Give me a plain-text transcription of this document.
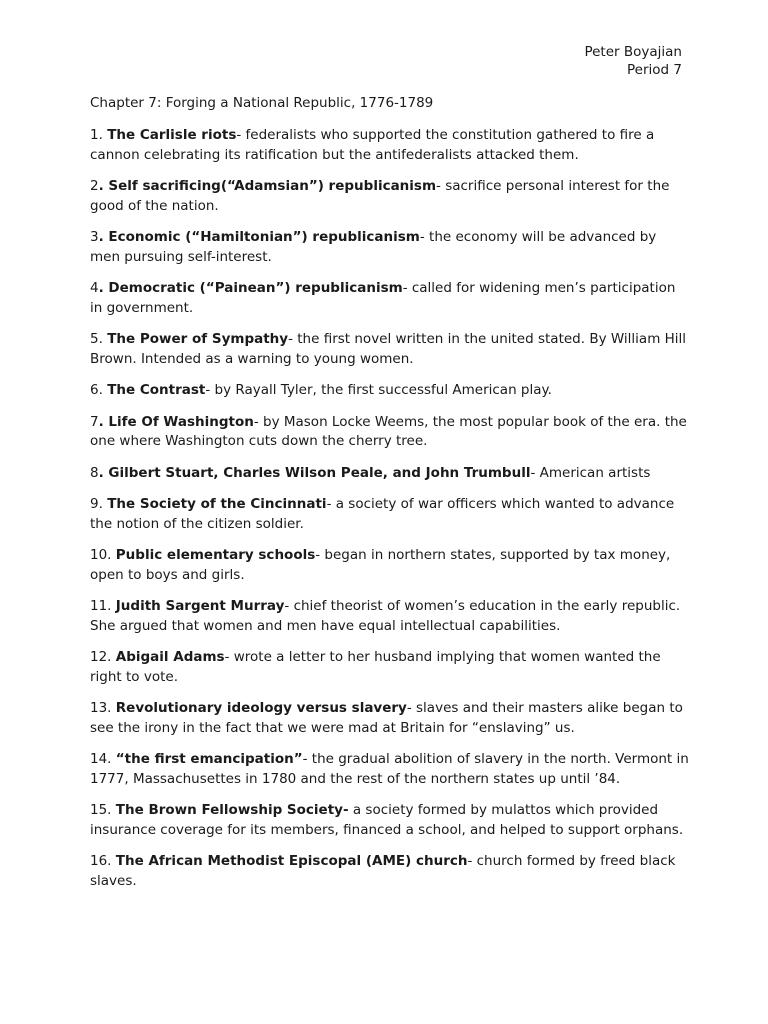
Peter Boyajian
Period 7
Chapter 7: Forging a National Republic, 1776-1789

1. The Carlisle riots- federalists who supported the constitution gathered to fire a cannon celebrating its ratification but the antifederalists attacked them.

2. Self sacrificing(“Adamsian”) republicanism- sacrifice personal interest for the good of the nation.

3. Economic (“Hamiltonian”) republicanism- the economy will be advanced by men pursuing self-interest.

4. Democratic (“Painean”) republicanism- called for widening men’s participation in government.

5. The Power of Sympathy- the first novel written in the united stated. By William Hill Brown. Intended as a warning to young women.

6. The Contrast- by Rayall Tyler, the first successful American play.

7. Life Of Washington- by Mason Locke Weems, the most popular book of the era. the one where Washington cuts down the cherry tree.

8. Gilbert Stuart, Charles Wilson Peale, and John Trumbull- American artists

9. The Society of the Cincinnati- a society of war officers which wanted to advance the notion of the citizen soldier.

10. Public elementary schools- began in northern states, supported by tax money, open to boys and girls.

11. Judith Sargent Murray- chief theorist of women’s education in the early republic. She argued that women and men have equal intellectual capabilities.

12. Abigail Adams- wrote a letter to her husband implying that women wanted the right to vote.

13. Revolutionary ideology versus slavery- slaves and their masters alike began to see the irony in the fact that we were mad at Britain for “enslaving” us.

14. “the first emancipation”- the gradual abolition of slavery in the north. Vermont in 1777, Massachusettes in 1780 and the rest of the northern states up until ’84.

15. The Brown Fellowship Society- a society formed by mulattos which provided insurance coverage for its members, financed a school, and helped to support orphans.

16. The African Methodist Episcopal (AME) church- church formed by freed black slaves.
